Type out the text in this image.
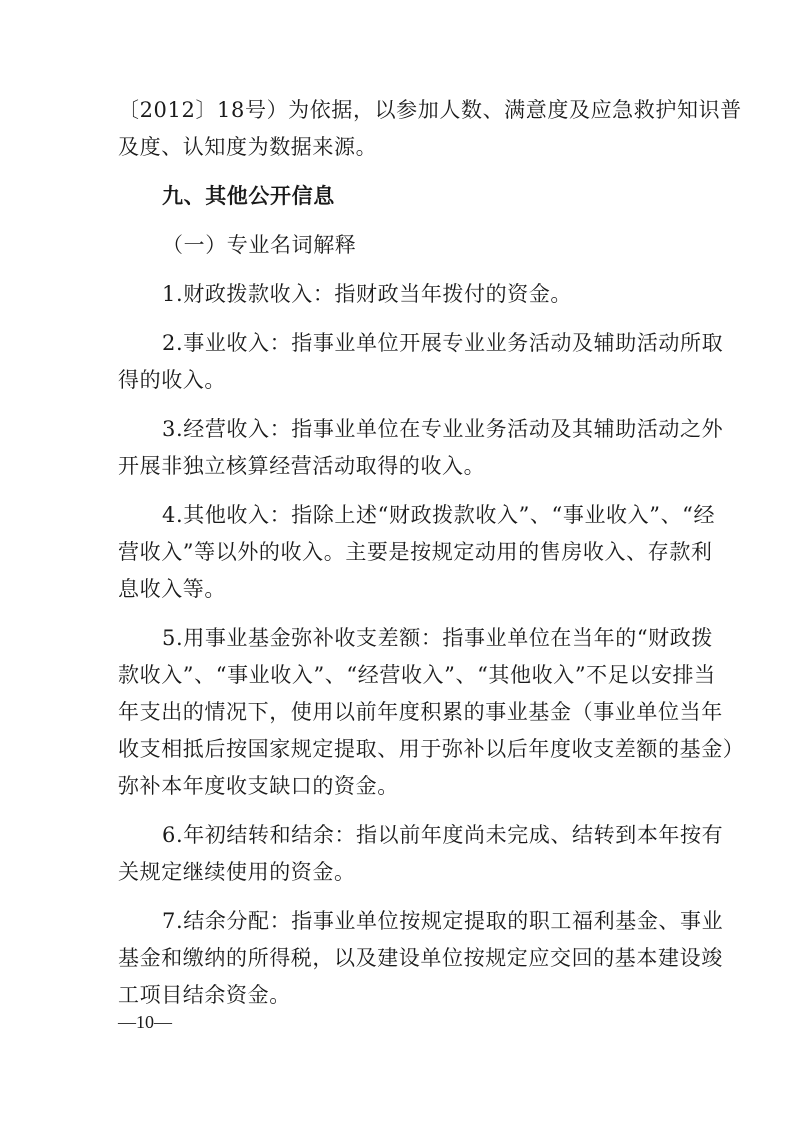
〔2012〕18号）为依据，以参加人数、满意度及应急救护知识普
及度、认知度为数据来源。
九、其他公开信息
（一）专业名词解释
1.财政拨款收入：指财政当年拨付的资金。
2.事业收入：指事业单位开展专业业务活动及辅助活动所取
得的收入。
3.经营收入：指事业单位在专业业务活动及其辅助活动之外
开展非独立核算经营活动取得的收入。
4.其他收入：指除上述“财政拨款收入”、“事业收入”、“经
营收入”等以外的收入。主要是按规定动用的售房收入、存款利
息收入等。
5.用事业基金弥补收支差额：指事业单位在当年的“财政拨
款收入”、“事业收入”、“经营收入”、“其他收入”不足以安排当
年支出的情况下，使用以前年度积累的事业基金（事业单位当年
收支相抵后按国家规定提取、用于弥补以后年度收支差额的基金）
弥补本年度收支缺口的资金。
6.年初结转和结余：指以前年度尚未完成、结转到本年按有
关规定继续使用的资金。
7.结余分配：指事业单位按规定提取的职工福利基金、事业
基金和缴纳的所得税，以及建设单位按规定应交回的基本建设竣
工项目结余资金。
—10—
